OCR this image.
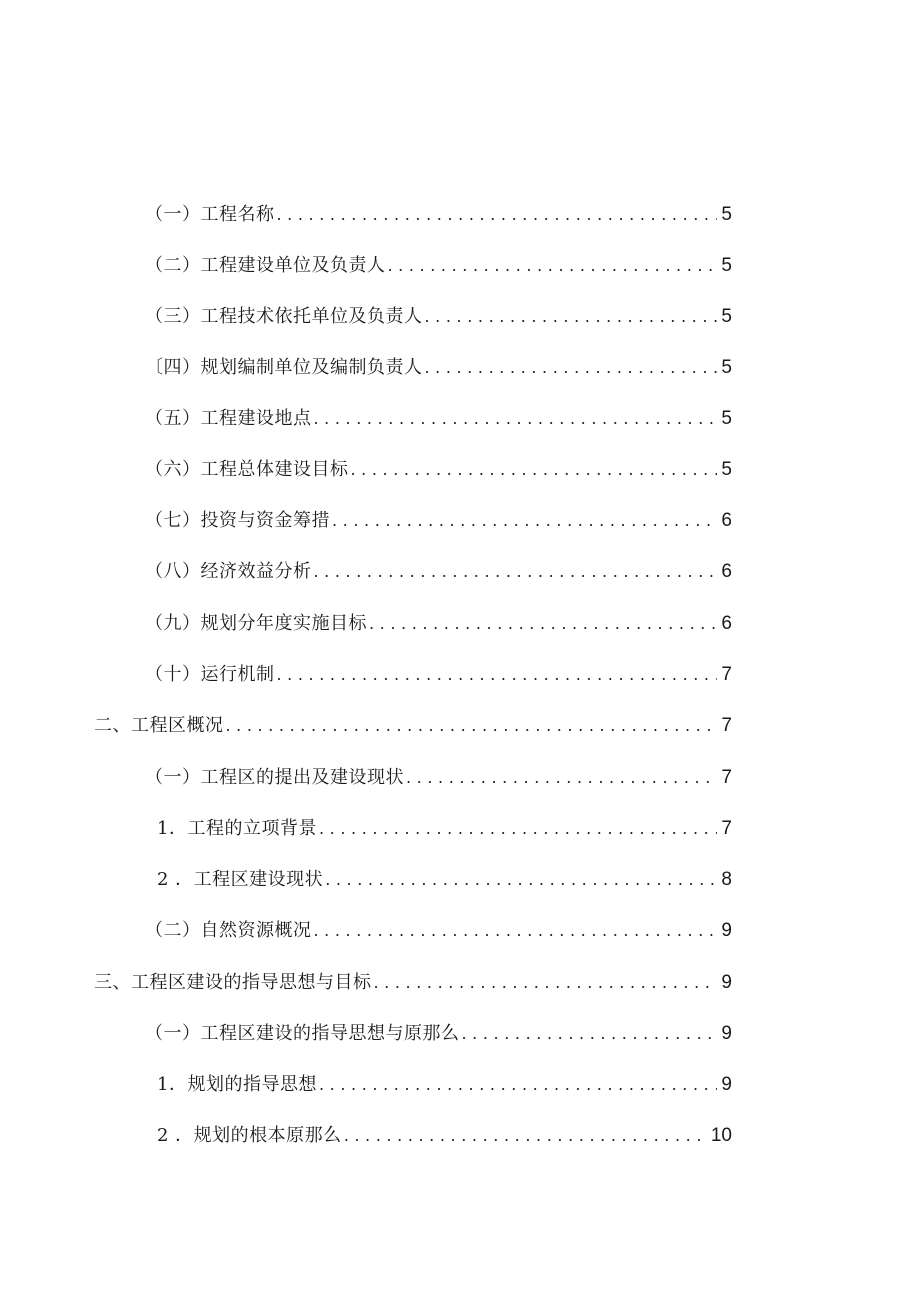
（一）工程名称 .....	5
（二）工程建设单位及负责人 .....	5
（三）工程技术依托单位及负责人 .....	5
〔四）规划编制单位及编制负责人 .....	5
（五）工程建设地点 .....	5
（六）工程总体建设目标 .....	5
（七）投资与资金筹措 .....	6
（八）经济效益分析 .....	6
（九）规划分年度实施目标 .....	6
（十）运行机制 .....	7
二、工程区概况 .....	7
（一）工程区的提出及建设现状 .....	7
1．工程的立项背景 .....	7
2 ．工程区建设现状 .....	8
（二）自然资源概况 .....	9
三、工程区建设的指导思想与目标 .....	9
（一）工程区建设的指导思想与原那么 .....	9
1．规划的指导思想 .....	9
2 ．规划的根本原那么 .....	10
